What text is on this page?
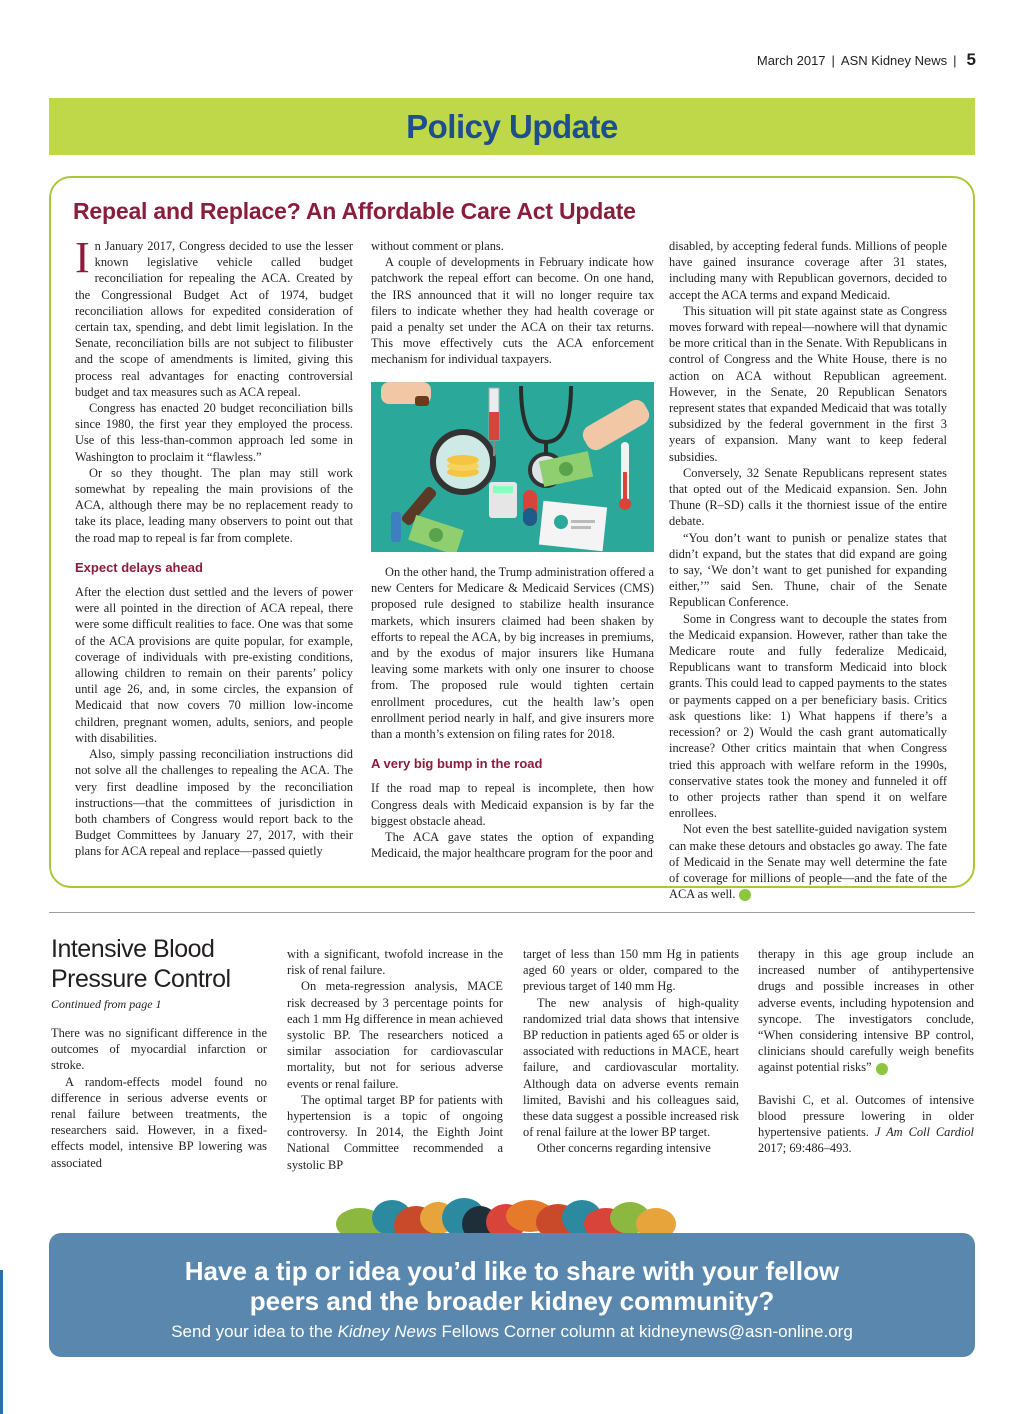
March 2017 | ASN Kidney News | 5
Policy Update
Repeal and Replace? An Affordable Care Act Update

In January 2017, Congress decided to use the lesser known legislative vehicle called budget reconciliation for repealing the ACA. Created by the Congressional Budget Act of 1974, budget reconciliation allows for expedited consideration of certain tax, spending, and debt limit legislation. In the Senate, reconciliation bills are not subject to filibuster and the scope of amendments is limited, giving this process real advantages for enacting controversial budget and tax measures such as ACA repeal.

Congress has enacted 20 budget reconciliation bills since 1980, the first year they employed the process. Use of this less-than-common approach led some in Washington to proclaim it “flawless.”

Or so they thought. The plan may still work somewhat by repealing the main provisions of the ACA, although there may be no replacement ready to take its place, leading many observers to point out that the road map to repeal is far from complete.

Expect delays ahead

After the election dust settled and the levers of power were all pointed in the direction of ACA repeal, there were some difficult realities to face. One was that some of the ACA provisions are quite popular, for example, coverage of individuals with pre-existing conditions, allowing children to remain on their parents’ policy until age 26, and, in some circles, the expansion of Medicaid that now covers 70 million low-income children, pregnant women, adults, seniors, and people with disabilities.

Also, simply passing reconciliation instructions did not solve all the challenges to repealing the ACA. The very first deadline imposed by the reconciliation instructions—that the committees of jurisdiction in both chambers of Congress would report back to the Budget Committees by January 27, 2017, with their plans for ACA repeal and replace—passed quietly

without comment or plans.

A couple of developments in February indicate how patchwork the repeal effort can become. On one hand, the IRS announced that it will no longer require tax filers to indicate whether they had health coverage or paid a penalty set under the ACA on their tax returns. This move effectively cuts the ACA enforcement mechanism for individual taxpayers.

On the other hand, the Trump administration offered a new Centers for Medicare & Medicaid Services (CMS) proposed rule designed to stabilize health insurance markets, which insurers claimed had been shaken by efforts to repeal the ACA, by big increases in premiums, and by the exodus of major insurers like Humana leaving some markets with only one insurer to choose from. The proposed rule would tighten certain enrollment procedures, cut the health law’s open enrollment period nearly in half, and give insurers more than a month’s extension on filing rates for 2018.

A very big bump in the road

If the road map to repeal is incomplete, then how Congress deals with Medicaid expansion is by far the biggest obstacle ahead.

The ACA gave states the option of expanding Medicaid, the major healthcare program for the poor and

disabled, by accepting federal funds. Millions of people have gained insurance coverage after 31 states, including many with Republican governors, decided to accept the ACA terms and expand Medicaid.

This situation will pit state against state as Congress moves forward with repeal—nowhere will that dynamic be more critical than in the Senate. With Republicans in control of Congress and the White House, there is no action on ACA without Republican agreement. However, in the Senate, 20 Republican Senators represent states that expanded Medicaid that was totally subsidized by the federal government in the first 3 years of expansion. Many want to keep federal subsidies.

Conversely, 32 Senate Republicans represent states that opted out of the Medicaid expansion. Sen. John Thune (R–SD) calls it the thorniest issue of the entire debate.

“You don’t want to punish or penalize states that didn’t expand, but the states that did expand are going to say, ‘We don’t want to get punished for expanding either,’” said Sen. Thune, chair of the Senate Republican Conference.

Some in Congress want to decouple the states from the Medicaid expansion. However, rather than take the Medicare route and fully federalize Medicaid, Republicans want to transform Medicaid into block grants. This could lead to capped payments to the states or payments capped on a per beneficiary basis. Critics ask questions like: 1) What happens if there’s a recession? or 2) Would the cash grant automatically increase? Other critics maintain that when Congress tried this approach with welfare reform in the 1990s, conservative states took the money and funneled it off to other projects rather than spend it on welfare enrollees.

Not even the best satellite-guided navigation system can make these detours and obstacles go away. The fate of Medicaid in the Senate may well determine the fate of coverage for millions of people—and the fate of the ACA as well.

Intensive Blood
Pressure Control
Continued from page 1

There was no significant difference in the outcomes of myocardial infarction or stroke.

A random-effects model found no difference in serious adverse events or renal failure between treatments, the researchers said. However, in a fixed-effects model, intensive BP lowering was associated

with a significant, twofold increase in the risk of renal failure.

On meta-regression analysis, MACE risk decreased by 3 percentage points for each 1 mm Hg difference in mean achieved systolic BP. The researchers noticed a similar association for cardiovascular mortality, but not for serious adverse events or renal failure.

The optimal target BP for patients with hypertension is a topic of ongoing controversy. In 2014, the Eighth Joint National Committee recommended a systolic BP

target of less than 150 mm Hg in patients aged 60 years or older, compared to the previous target of 140 mm Hg.

The new analysis of high-quality randomized trial data shows that intensive BP reduction in patients aged 65 or older is associated with reductions in MACE, heart failure, and cardiovascular mortality. Although data on adverse events remain limited, Bavishi and his colleagues said, these data suggest a possible increased risk of renal failure at the lower BP target.

Other concerns regarding intensive

therapy in this age group include an increased number of antihypertensive drugs and possible increases in other adverse events, including hypotension and syncope. The investigators conclude, “When considering intensive BP control, clinicians should carefully weigh benefits against potential risks”

Bavishi C, et al. Outcomes of intensive blood pressure lowering in older hypertensive patients. J Am Coll Cardiol 2017; 69:486–493.

Have a tip or idea you’d like to share with your fellow
peers and the broader kidney community?
Send your idea to the Kidney News Fellows Corner column at kidneynews@asn-online.org
